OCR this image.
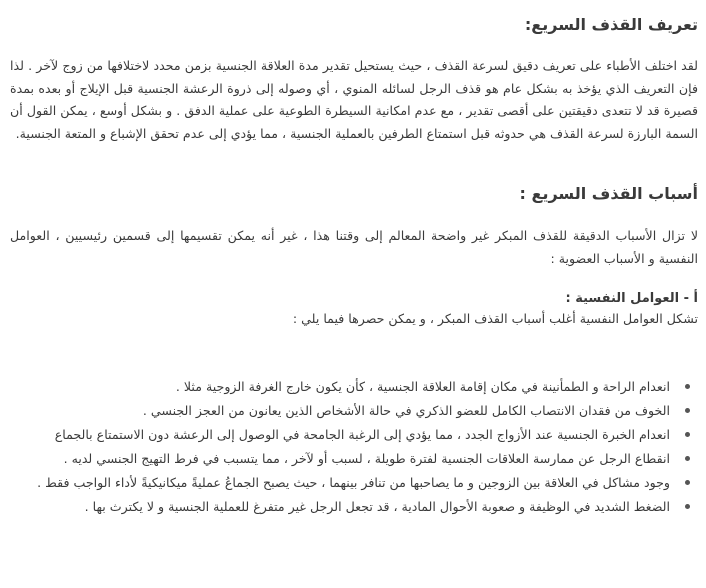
تعريف القذف السريع:

لقد اختلف الأطباء على تعريف دقيق لسرعة القذف ، حيث يستحيل تقدير مدة العلاقة الجنسية بزمن محدد لاختلافها من زوج لآخر . لذا فإن التعريف الذي يؤخذ به بشكل عام هو قذف الرجل لسائله المنوي ، أي وصوله إلى ذروة الرعشة الجنسية قبل الإيلاج أو بعده بمدة قصيرة قد لا تتعدى دقيقتين على أقصى تقدير ، مع عدم امكانية السيطرة الطوعية على عملية الدفق . و بشكل أوسع ، يمكن القول أن السمة البارزة لسرعة القذف هي حدوثه قبل استمتاع الطرفين بالعملية الجنسية ، مما يؤدي إلى عدم تحقق الإشباع و المتعة الجنسية.

أسباب القذف السريع :

لا تزال الأسباب الدقيقة للقذف المبكر غير واضحة المعالم إلى وقتنا هذا ، غير أنه يمكن تقسيمها إلى قسمين رئيسيين ، العوامل النفسية و الأسباب العضوية :

أ - العوامل النفسية :

تشكل العوامل النفسية أغلب أسباب القذف المبكر ، و يمكن حصرها فيما يلي :

انعدام الراحة و الطمأنينة في مكان إقامة العلاقة الجنسية ، كأن يكون خارج الغرفة الزوجية مثلا .
الخوف من فقدان الانتصاب الكامل للعضو الذكري في حالة الأشخاص الذين يعانون من العجز الجنسي .
انعدام الخبرة الجنسية عند الأزواج الجدد ، مما يؤدي إلى الرغبة الجامحة في الوصول إلى الرعشة دون الاستمتاع بالجماع
انقطاع الرجل عن ممارسة العلاقات الجنسية لفترة طويلة ، لسبب أو لآخر ، مما يتسبب في فرط التهيج الجنسي لديه .
وجود مشاكل في العلاقة بين الزوجين و ما يصاحبها من تنافر بينهما ، حيث يصبح الجماعُ عمليةً ميكانيكيةً لأداء الواجب فقط .
الضغط الشديد في الوظيفة و صعوبة الأحوال المادية ، قد تجعل الرجل غير متفرغ للعملية الجنسية و لا يكترث بها .
